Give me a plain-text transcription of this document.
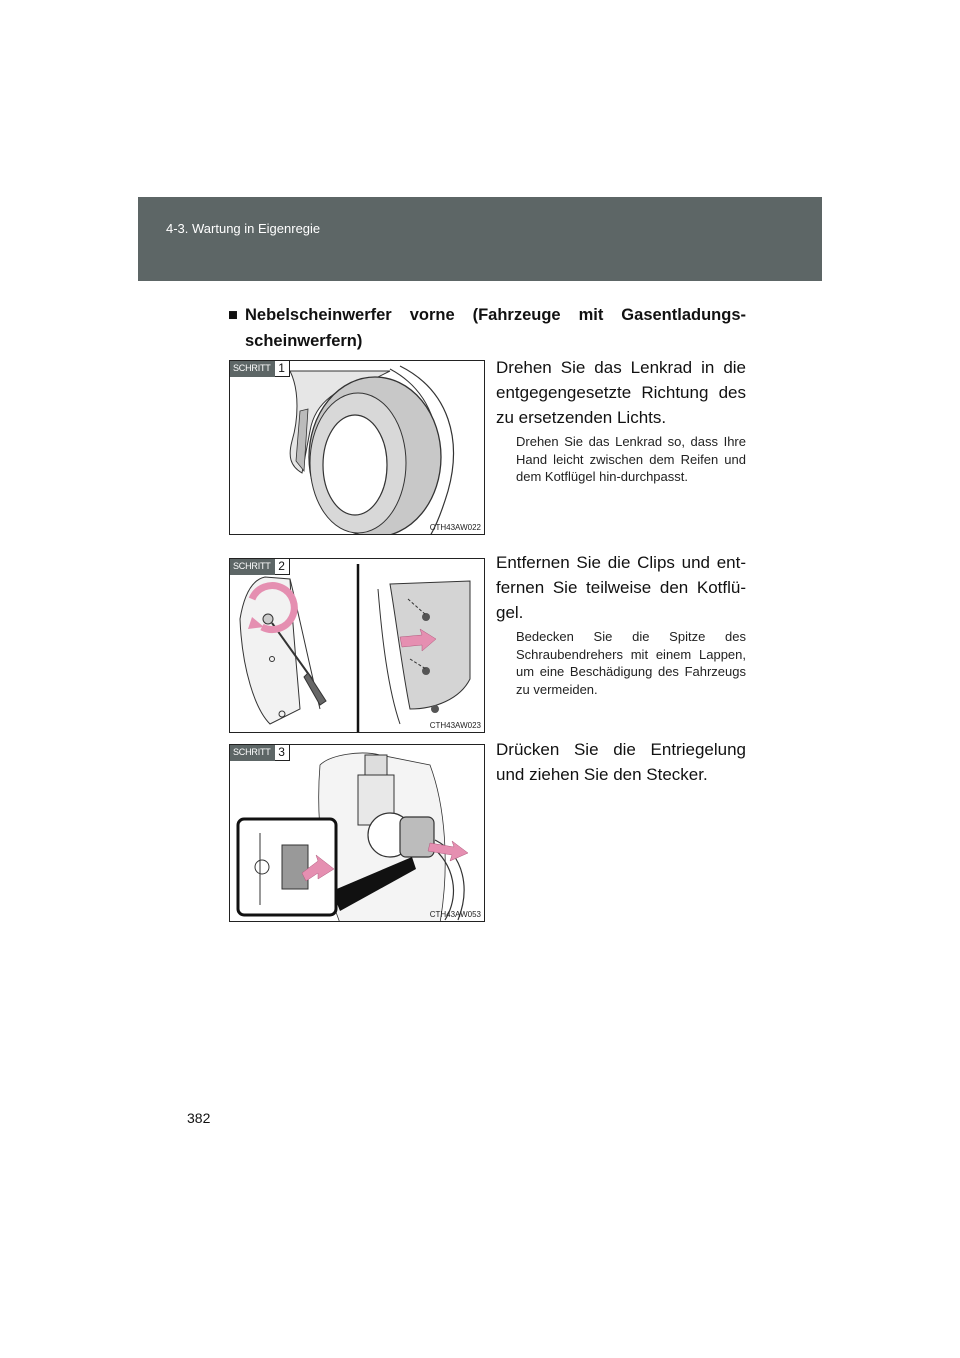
4-3. Wartung in Eigenregie
■ Nebelscheinwerfer vorne (Fahrzeuge mit Gasentladungs-scheinwerfern)
SCHRITT 1
CTH43AW022
Drehen Sie das Lenkrad in die entgegengesetzte Richtung des zu ersetzenden Lichts.
Drehen Sie das Lenkrad so, dass Ihre Hand leicht zwischen dem Reifen und dem Kotflügel hin-durchpasst.
SCHRITT 2
CTH43AW023
Entfernen Sie die Clips und ent-fernen Sie teilweise den Kotflü-gel.
Bedecken Sie die Spitze des Schraubendrehers mit einem Lappen, um eine Beschädigung des Fahrzeugs zu vermeiden.
SCHRITT 3
CTH43AW053
Drücken Sie die Entriegelung und ziehen Sie den Stecker.
382
